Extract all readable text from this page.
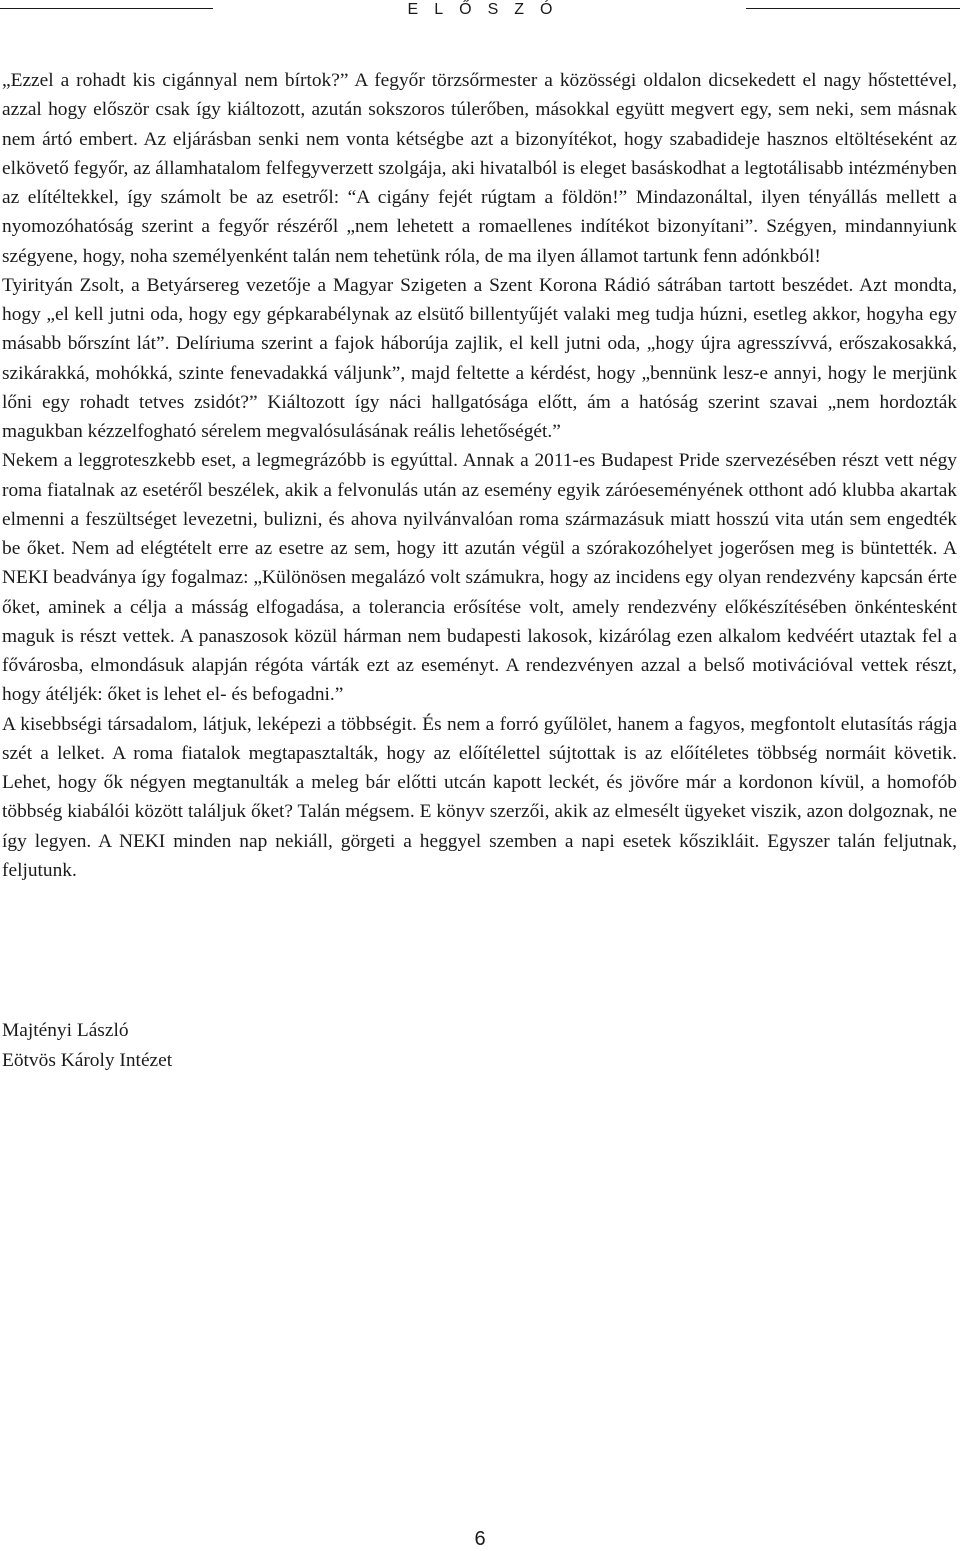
ELŐSZÓ

„Ezzel a rohadt kis cigánnyal nem bírtok?” A fegyőr törzsőrmester a közösségi oldalon dicsekedett el nagy hőstettével, azzal hogy először csak így kiáltozott, azután sokszoros túlerőben, másokkal együtt megvert egy, sem neki, sem másnak nem ártó embert. Az eljárásban senki nem vonta kétségbe azt a bizonyítékot, hogy szabadideje hasznos eltöltéseként az elkövető fegyőr, az államhatalom felfegyverzett szolgája, aki hivatalból is eleget basáskodhat a legtotálisabb intézményben az elítéltekkel, így számolt be az esetről: “A cigány fejét rúgtam a földön!” Mindazonáltal, ilyen tényállás mellett a nyomozóhatóság szerint a fegyőr részéről „nem lehetett a romaellenes indítékot bizonyítani”. Szégyen, mindannyiunk szégyene, hogy, noha személyenként talán nem tehetünk róla, de ma ilyen államot tartunk fenn adónkból!

Tyirityán Zsolt, a Betyársereg vezetője a Magyar Szigeten a Szent Korona Rádió sátrában tartott beszédet. Azt mondta, hogy „el kell jutni oda, hogy egy gépkarabélynak az elsütő billentyűjét valaki meg tudja húzni, esetleg akkor, hogyha egy másabb bőrszínt lát”. Delíriuma szerint a fajok háborúja zajlik, el kell jutni oda, „hogy újra agresszívvá, erőszakosakká, szikárakká, mohókká, szinte fenevadakká váljunk”, majd feltette a kérdést, hogy „bennünk lesz-e annyi, hogy le merjünk lőni egy rohadt tetves zsidót?” Kiáltozott így náci hallgatósága előtt, ám a hatóság szerint szavai „nem hordozták magukban kézzelfogható sérelem megvalósulásának reális lehetőségét.”

Nekem a leggroteszkebb eset, a legmegrázóbb is egyúttal. Annak a 2011-es Budapest Pride szervezésében részt vett négy roma fiatalnak az esetéről beszélek, akik a felvonulás után az esemény egyik záróeseményének otthont adó klubba akartak elmenni a feszültséget levezetni, bulizni, és ahova nyilvánvalóan roma származásuk miatt hosszú vita után sem engedték be őket. Nem ad elégtételt erre az esetre az sem, hogy itt azután végül a szórakozóhelyet jogerősen meg is büntették. A NEKI beadványa így fogalmaz: „Különösen megalázó volt számukra, hogy az incidens egy olyan rendezvény kapcsán érte őket, aminek a célja a másság elfogadása, a tolerancia erősítése volt, amely rendezvény előkészítésében önkéntesként maguk is részt vettek. A panaszosok közül hárman nem budapesti lakosok, kizárólag ezen alkalom kedvéért utaztak fel a fővárosba, elmondásuk alapján régóta várták ezt az eseményt. A rendezvényen azzal a belső motivációval vettek részt, hogy átéljék: őket is lehet el- és befogadni.”

A kisebbségi társadalom, látjuk, leképezi a többségit. És nem a forró gyűlölet, hanem a fagyos, megfontolt elutasítás rágja szét a lelket. A roma fiatalok megtapasztalták, hogy az előítélettel sújtottak is az előítéletes többség normáit követik. Lehet, hogy ők négyen megtanulták a meleg bár előtti utcán kapott leckét, és jövőre már a kordonon kívül, a homofób többség kiabálói között találjuk őket? Talán mégsem. E könyv szerzői, akik az elmesélt ügyeket viszik, azon dolgoznak, ne így legyen. A NEKI minden nap nekiáll, görgeti a heggyel szemben a napi esetek kőszikláit. Egyszer talán feljutnak, feljutunk.

Majtényi László
Eötvös Károly Intézet
6
